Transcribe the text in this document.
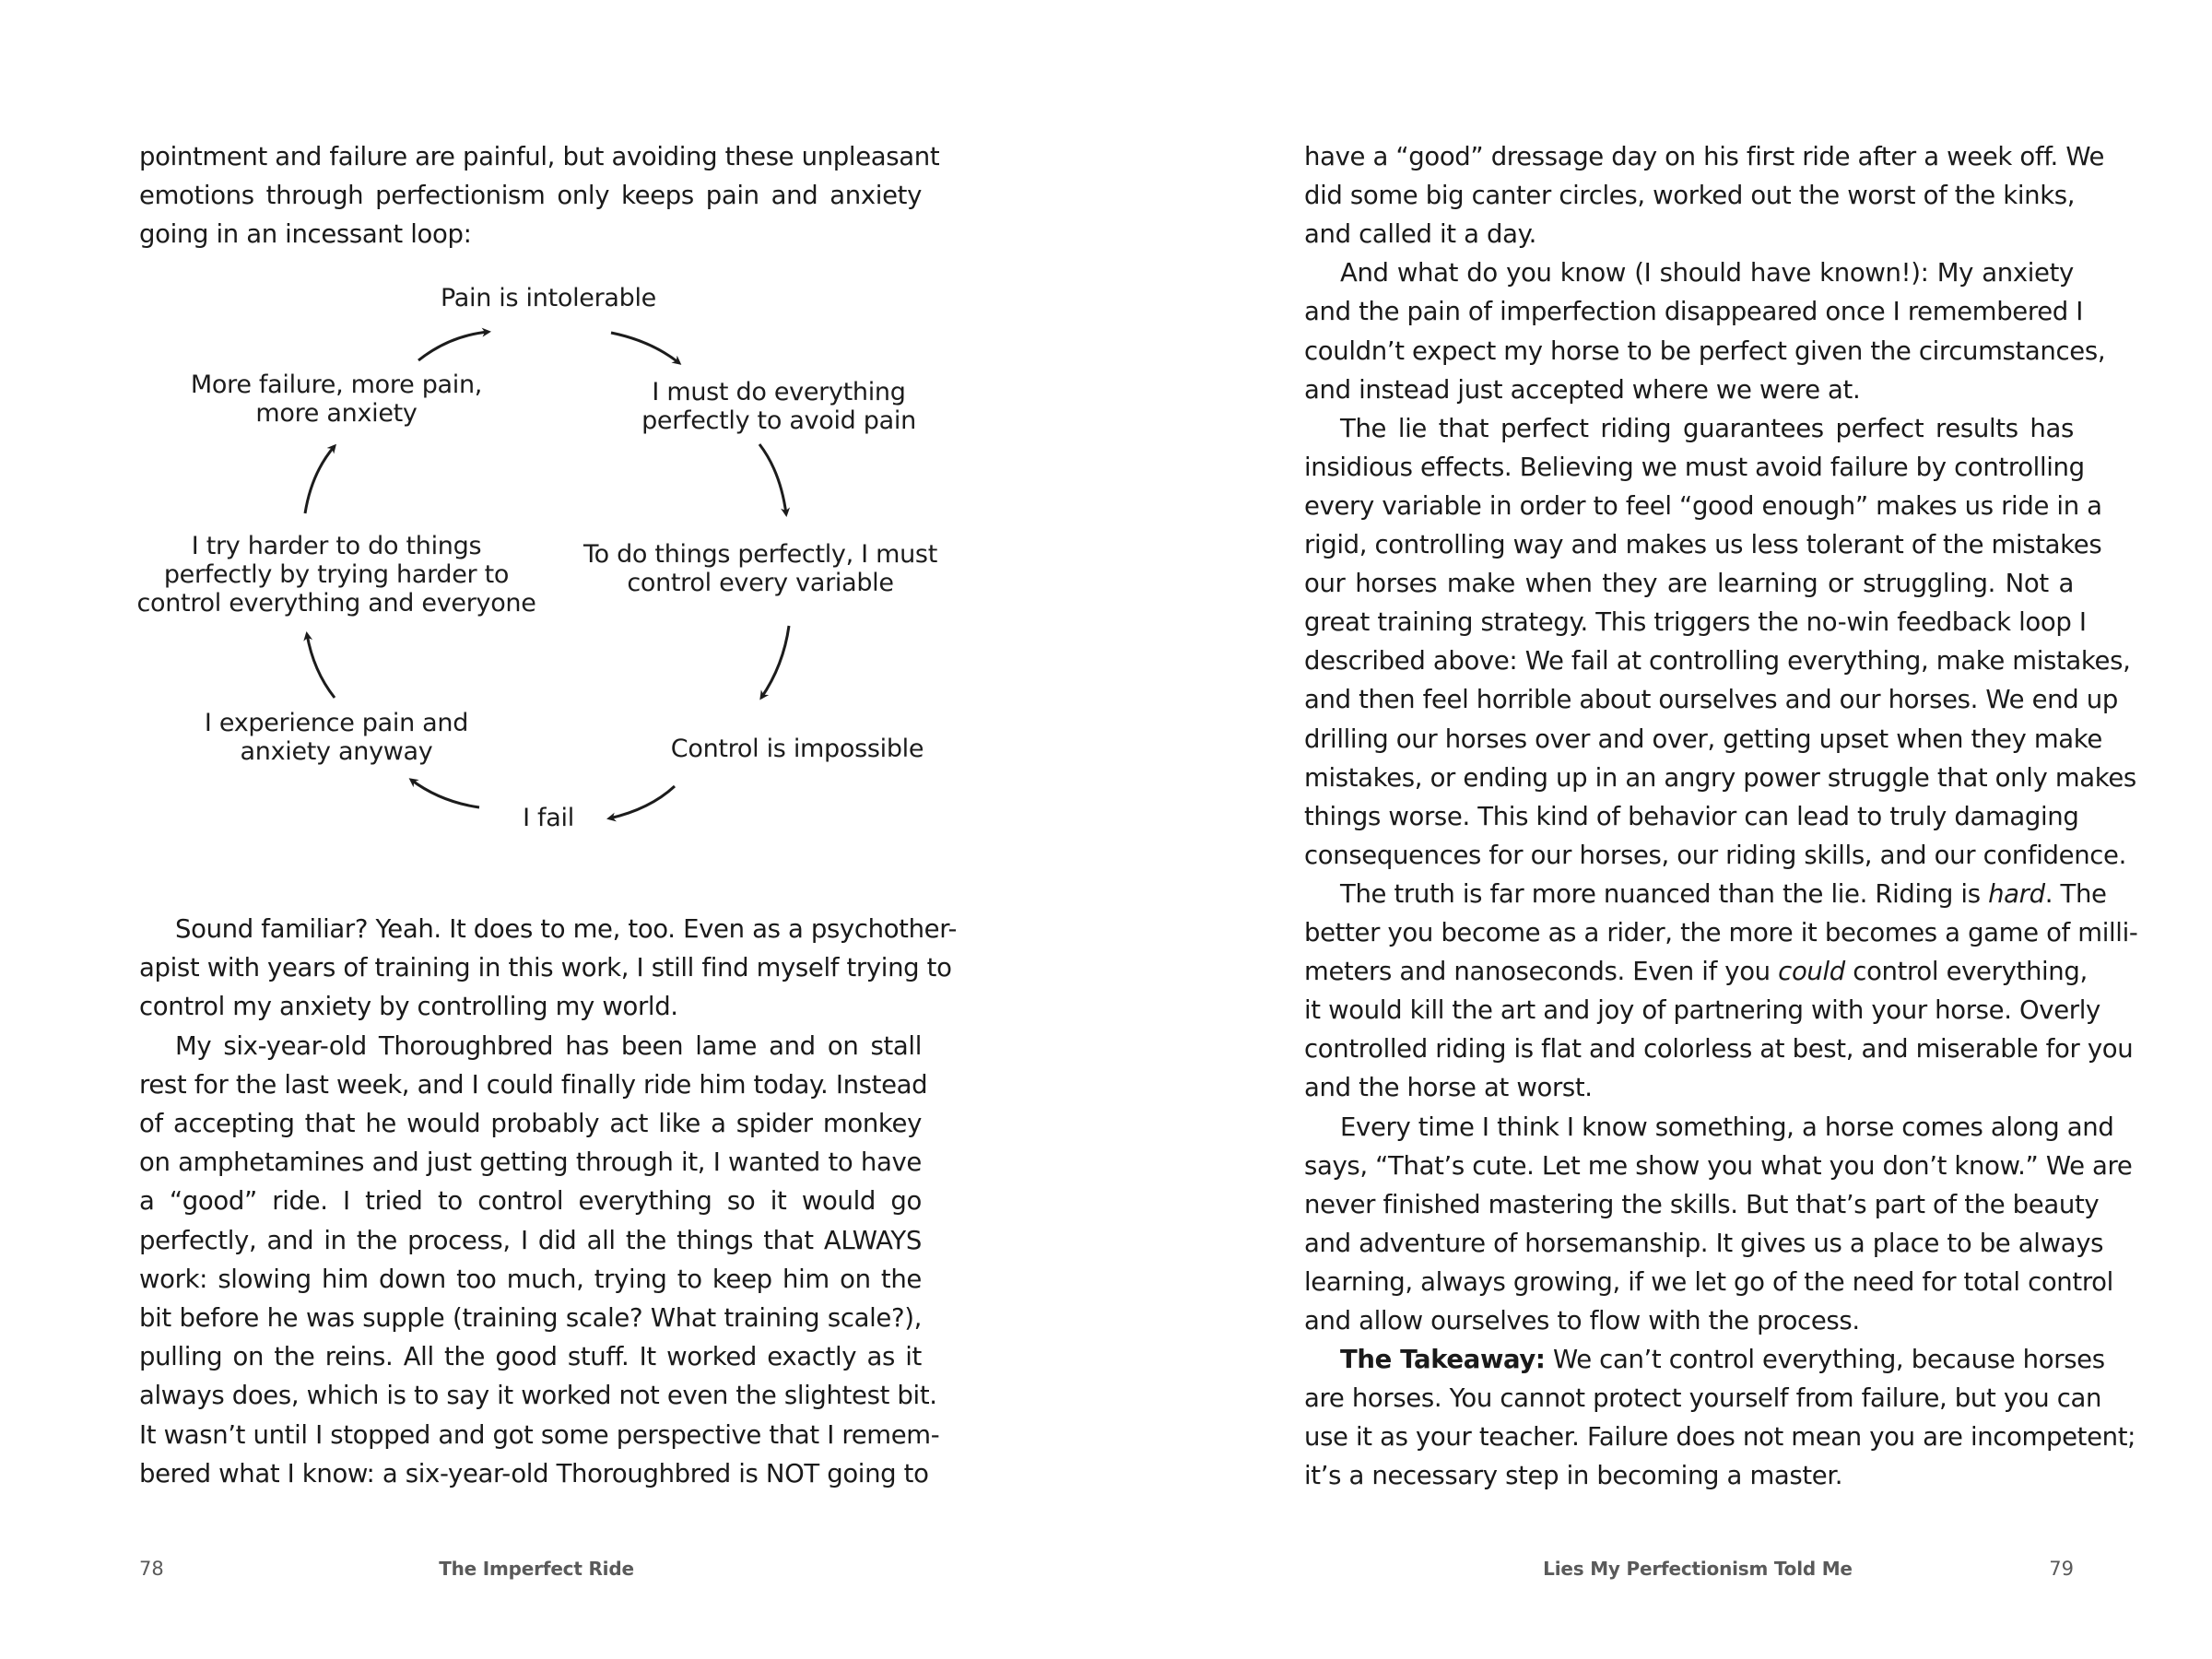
pointment and failure are painful, but avoiding these unpleasant
emotions through perfectionism only keeps pain and anxiety
going in an incessant loop:
Pain is intolerable
I must do everything
perfectly to avoid pain
To do things perfectly, I must
control every variable
Control is impossible
I fail
I experience pain and
anxiety anyway
I try harder to do things
perfectly by trying harder to
control everything and everyone
More failure, more pain,
more anxiety
Sound familiar? Yeah. It does to me, too. Even as a psychother-
apist with years of training in this work, I still find myself trying to
control my anxiety by controlling my world.
My six-year-old Thoroughbred has been lame and on stall
rest for the last week, and I could finally ride him today. Instead
of accepting that he would probably act like a spider monkey
on amphetamines and just getting through it, I wanted to have
a “good” ride. I tried to control everything so it would go
perfectly, and in the process, I did all the things that ALWAYS
work: slowing him down too much, trying to keep him on the
bit before he was supple (training scale? What training scale?),
pulling on the reins. All the good stuff. It worked exactly as it
always does, which is to say it worked not even the slightest bit.
It wasn’t until I stopped and got some perspective that I remem-
bered what I know: a six-year-old Thoroughbred is NOT going to
78	The Imperfect Ride
have a “good” dressage day on his first ride after a week off. We
did some big canter circles, worked out the worst of the kinks,
and called it a day.
And what do you know (I should have known!): My anxiety
and the pain of imperfection disappeared once I remembered I
couldn’t expect my horse to be perfect given the circumstances,
and instead just accepted where we were at.
The lie that perfect riding guarantees perfect results has
insidious effects. Believing we must avoid failure by controlling
every variable in order to feel “good enough” makes us ride in a
rigid, controlling way and makes us less tolerant of the mistakes
our horses make when they are learning or struggling. Not a
great training strategy. This triggers the no-win feedback loop I
described above: We fail at controlling everything, make mistakes,
and then feel horrible about ourselves and our horses. We end up
drilling our horses over and over, getting upset when they make
mistakes, or ending up in an angry power struggle that only makes
things worse. This kind of behavior can lead to truly damaging
consequences for our horses, our riding skills, and our confidence.
The truth is far more nuanced than the lie. Riding is hard. The
better you become as a rider, the more it becomes a game of milli-
meters and nanoseconds. Even if you could control everything,
it would kill the art and joy of partnering with your horse. Overly
controlled riding is flat and colorless at best, and miserable for you
and the horse at worst.
Every time I think I know something, a horse comes along and
says, “That’s cute. Let me show you what you don’t know.” We are
never finished mastering the skills. But that’s part of the beauty
and adventure of horsemanship. It gives us a place to be always
learning, always growing, if we let go of the need for total control
and allow ourselves to flow with the process.
The Takeaway: We can’t control everything, because horses
are horses. You cannot protect yourself from failure, but you can
use it as your teacher. Failure does not mean you are incompetent;
it’s a necessary step in becoming a master.
Lies My Perfectionism Told Me	79
